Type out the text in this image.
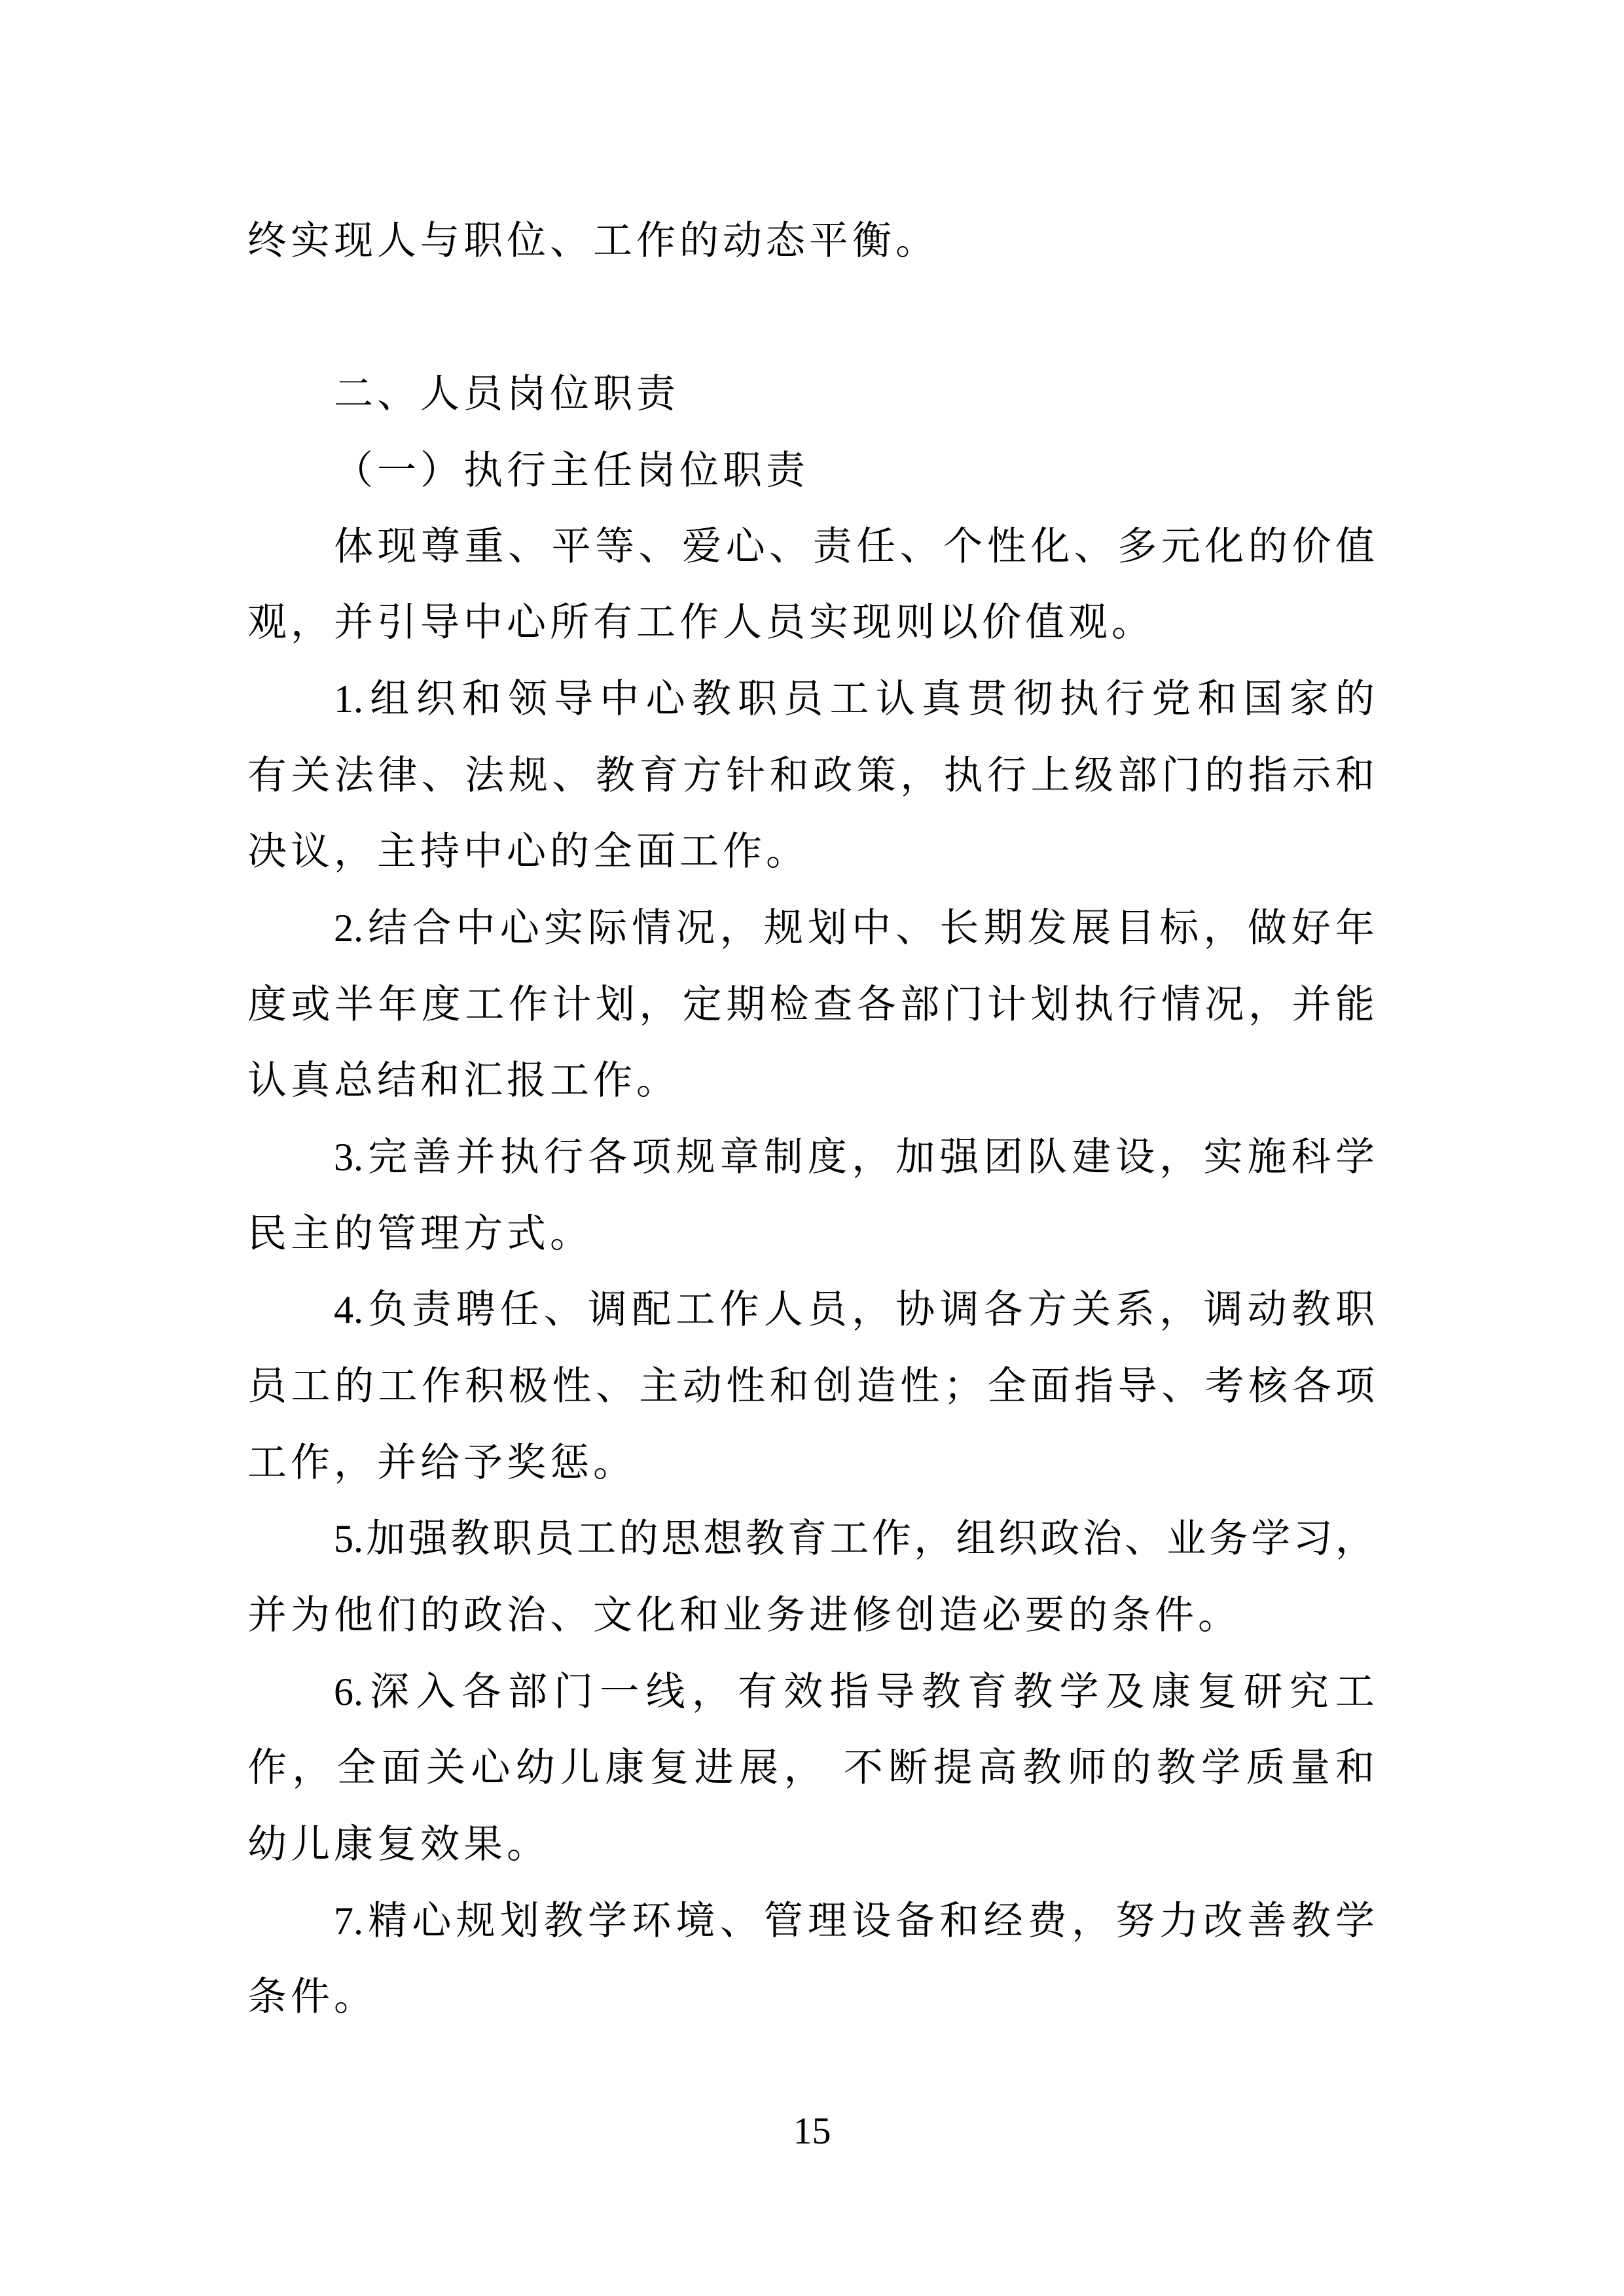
终实现人与职位、工作的动态平衡。
二、人员岗位职责
（一）执行主任岗位职责
体现尊重、平等、爱心、责任、个性化、多元化的价值
观，并引导中心所有工作人员实现则以价值观。
1.组织和领导中心教职员工认真贯彻执行党和国家的
有关法律、法规、教育方针和政策，执行上级部门的指示和
决议，主持中心的全面工作。
2.结合中心实际情况，规划中、长期发展目标，做好年
度或半年度工作计划，定期检查各部门计划执行情况，并能
认真总结和汇报工作。
3.完善并执行各项规章制度，加强团队建设，实施科学
民主的管理方式。
4.负责聘任、调配工作人员，协调各方关系，调动教职
员工的工作积极性、主动性和创造性；全面指导、考核各项
工作，并给予奖惩。
5.加强教职员工的思想教育工作，组织政治、业务学习，
并为他们的政治、文化和业务进修创造必要的条件。
6.深入各部门一线，有效指导教育教学及康复研究工
作，全面关心幼儿康复进展， 不断提高教师的教学质量和
幼儿康复效果。
7.精心规划教学环境、管理设备和经费，努力改善教学
条件。
15
